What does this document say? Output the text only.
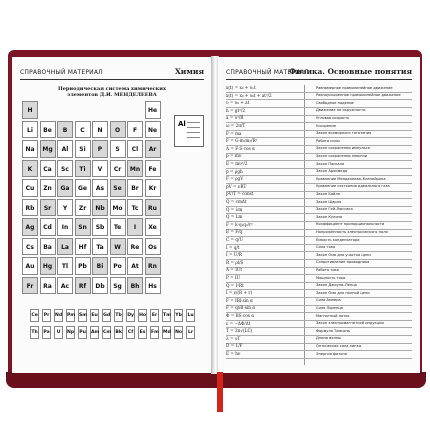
СПРАВОЧНЫЙ МАТЕРИАЛ	Химия
Периодическая система химических
элементов Д.И. МЕНДЕЛЕЕВА
H	He
Li	Be	B	C	N	O	F	Ne
Na	Mg	Al	Si	P	S	Cl	Ar
K	Ca	Sc	Ti	V	Cr	Mn	Fe
Cu	Zn	Ga	Ge	As	Se	Br	Kr
Rb	Sr	Y	Zr	Nb	Mo	Tc	Ru
Ag	Cd	In	Sn	Sb	Te	I	Xe
Cs	Ba	La	Hf	Ta	W	Re	Os
Au	Hg	Tl	Pb	Bi	Po	At	Rn
Fr	Ra	Ac	Rf	Db	Sg	Bh	Hs
Al
Ce Pr Nd Pm Sm Eu Gd Tb Dy Ho Er Tm Yb Lu
Th Pa	U	Np Pu Am Cm Bk Cf Es Fm Md No Lr
СПРАВОЧНЫЙ МАТЕРИАЛ
Физика. Основные понятия
x(t) = x₀ + υₓt	Равномерное прямолинейное движение
x(t) = x₀ + υ₀t + at²/2	Равноускоренное прямолинейное движение
υ = υ₀ + at	Свободное падение
h = gt²/2	Движение по окружности
a = υ²/R	Угловая скорость
ω = 2π/T	Ускорение
F = ma	Закон всемирного тяготения
F = G·m₁m₂/R²	Работа силы
A = F·S·cos α	Закон сохранения импульса
p = mυ	Закон сохранения энергии
E = mυ²/2	Закон Паскаля
p = ρgh	Закон Архимеда
F = ρgV	Уравнение Менделеева–Клапейрона
pV = νRT	Уравнение состояния идеального газа
pV/T = const	Закон Бойля
Q = cmΔt	Закон Шарля
Q = λm	Закон Гей-Люссака
Q = Lm	Закон Кулона
F = k·q₁q₂/r²	Коэффициент пропорциональности
E = F/q	Напряжённость электрического поля
C = q/U	Ёмкость конденсатора
I = q/t	Сила тока
I = U/R	Закон Ома для участка цепи
R = ρl/S	Сопротивление проводника
A = IUt	Работа тока
P = IU	Мощность тока
Q = I²Rt	Закон Джоуля–Ленца
I = ε/(R + r)	Закон Ома для полной цепи
F = IBl·sin α	Сила Ампера
F = qυB·sin α	Сила Лоренца
Φ = BS·cos α	Магнитный поток
ε = −ΔΦ/Δt	Закон электромагнитной индукции
T = 2π√(LC)	Формула Томсона
λ = υT	Длина волны
D = 1/F	Оптическая сила линзы
E = hν	Энергия фотона
